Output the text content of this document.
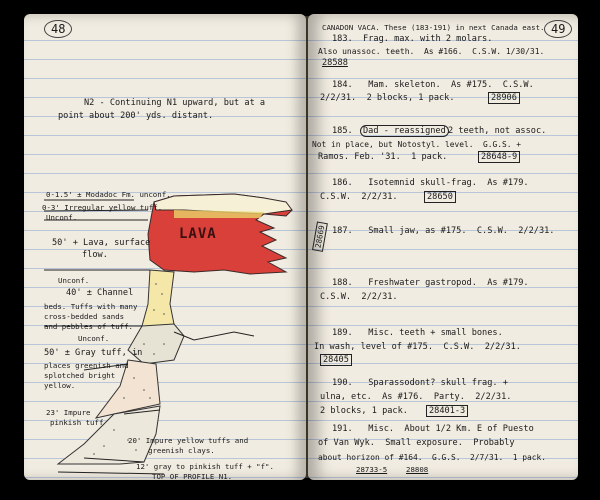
48
N2 - Continuing N1 upward, but at a
point about 200' yds. distant.
LAVA
0-1.5' ± Modadoc Fm. unconf.
0-3' Irregular yellow tuff.
Unconf.
50' + Lava, surface
flow.
Unconf.
40' ± Channel
beds. Tuffs with many
cross-bedded sands
and pebbles of tuff.
Unconf.
50' ± Gray tuff, in
places greenish and
splotched bright
yellow.
23' Impure
pinkish tuff
20' Impure yellow tuffs and
greenish clays.
12' gray to pinkish tuff + "f".
TOP OF PROFILE N1.
CANADON VACA. These (183-191) in next Canada east. 49
183.  Frag. max. with 2 molars.
Also unassoc. teeth.  As #166.  C.S.W. 1/30/31.
28588
184.   Mam. skeleton.  As #175.  C.S.W.
2/2/31.  2 blocks, 1 pack.	28906
185.	Dad - reassigned 2 teeth, not assoc.
Not in place, but Notostyl. level.  G.G.S. +
Ramos. Feb. '31.  1 pack.	28648-9
186.   Isotemnid skull-frag.  As #179.
C.S.W.  2/2/31.	28650
187.   Small jaw, as #175.  C.S.W.  2/2/31.
28669
188.   Freshwater gastropod.  As #179.
C.S.W.  2/2/31.
189.   Misc. teeth + small bones.
In wash, level of #175.  C.S.W.  2/2/31.
28405
190.   Sparassodont? skull frag. +
ulna, etc.  As #176.  Party.  2/2/31.
2 blocks, 1 pack.	28401-3
191.   Misc.  About 1/2 Km. E of Puesto
of Van Wyk.  Small exposure.  Probably
about horizon of #164.  G.G.S.  2/7/31.  1 pack.
28733-5	28808
